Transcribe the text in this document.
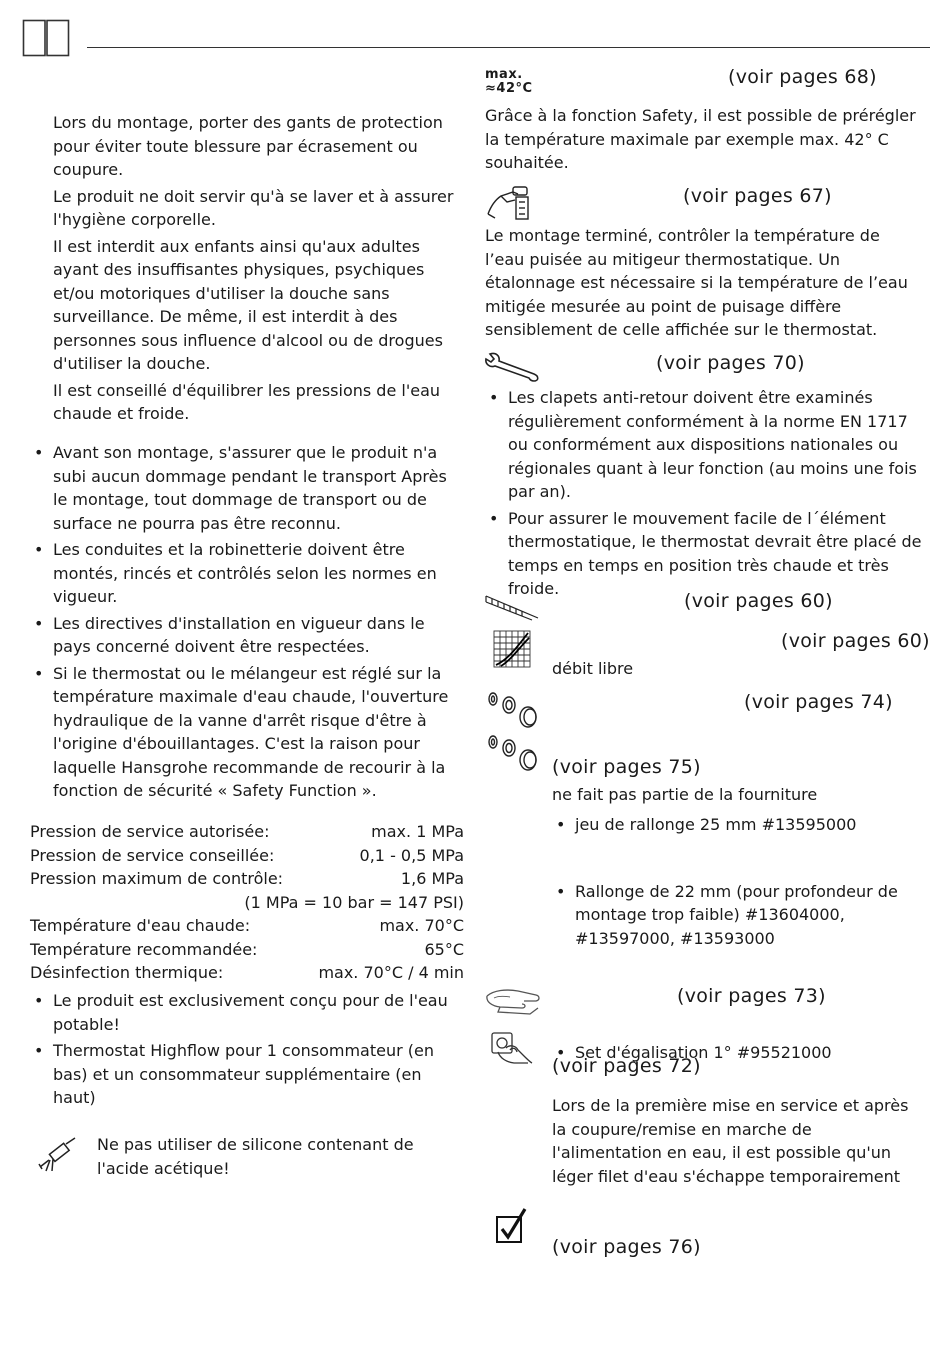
Lors du montage, porter des gants de protection pour éviter toute blessure par écrasement ou coupure.

Le produit ne doit servir qu'à se laver et à assurer l'hygiène corporelle.

Il est interdit aux enfants ainsi qu'aux adultes ayant des insuffisantes physiques, psychiques et/ou motoriques d'utiliser la douche sans surveillance. De même, il est interdit à des personnes sous influence d'alcool ou de drogues d'utiliser la douche.

Il est conseillé d'équilibrer les pressions de l'eau chaude et froide.

• Avant son montage, s'assurer que le produit n'a subi aucun dommage pendant le transport Après le montage, tout dommage de transport ou de surface ne pourra pas être reconnu.
• Les conduites et la robinetterie doivent être montés, rincés et contrôlés selon les normes en vigueur.
• Les directives d'installation en vigueur dans le pays concerné doivent être respectées.
• Si le thermostat ou le mélangeur est réglé sur la température maximale d'eau chaude, l'ouverture hydraulique de la vanne d'arrêt risque d'être à l'origine d'ébouillantages. C'est la raison pour laquelle Hansgrohe recommande de recourir à la fonction de sécurité « Safety Function ».
Pression de service autorisée:	max. 1 MPa
Pression de service conseillée:	0,1 - 0,5 MPa
Pression maximum de contrôle:	1,6 MPa
(1 MPa = 10 bar = 147 PSI)
Température d'eau chaude:	max. 70°C
Température recommandée:	65°C
Désinfection thermique:	max. 70°C / 4 min
• Le produit est exclusivement conçu pour de l'eau potable!
• Thermostat Highflow pour 1 consommateur (en bas) et un consommateur supplémentaire (en haut)
Ne pas utiliser de silicone contenant de l'acide acétique!
max.
≈42°C
(voir pages 68)
Grâce à la fonction Safety, il est possible de prérégler la température maximale par exemple max. 42° C souhaitée.
(voir pages 67)
Le montage terminé, contrôler la température de l’eau puisée au mitigeur thermostatique. Un étalonnage est nécessaire si la température de l’eau mitigée mesurée au point de puisage diffère sensiblement de celle affichée sur le thermostat.
(voir pages 70)
• Les clapets anti-retour doivent être examinés régulièrement conformément à la norme EN 1717 ou conformément aux dispositions nationales ou régionales quant à leur fonction (au moins une fois par an).
• Pour assurer le mouvement facile de l´élément thermostatique, le thermostat devrait être placé de temps en temps en position très chaude et très froide.
(voir pages 60)
(voir pages 60)
débit libre
(voir pages 74)
(voir pages 75)
ne fait pas partie de la fourniture
• jeu de rallonge 25 mm #13595000
• Rallonge de 22 mm (pour profondeur de montage trop faible) #13604000, #13597000, #13593000
• Set d'égalisation 1° #95521000
(voir pages 73)
(voir pages 72)
Lors de la première mise en service et après la coupure/remise en marche de l'alimentation en eau, il est possible qu'un léger filet d'eau s'échappe temporairement
(voir pages 76)
